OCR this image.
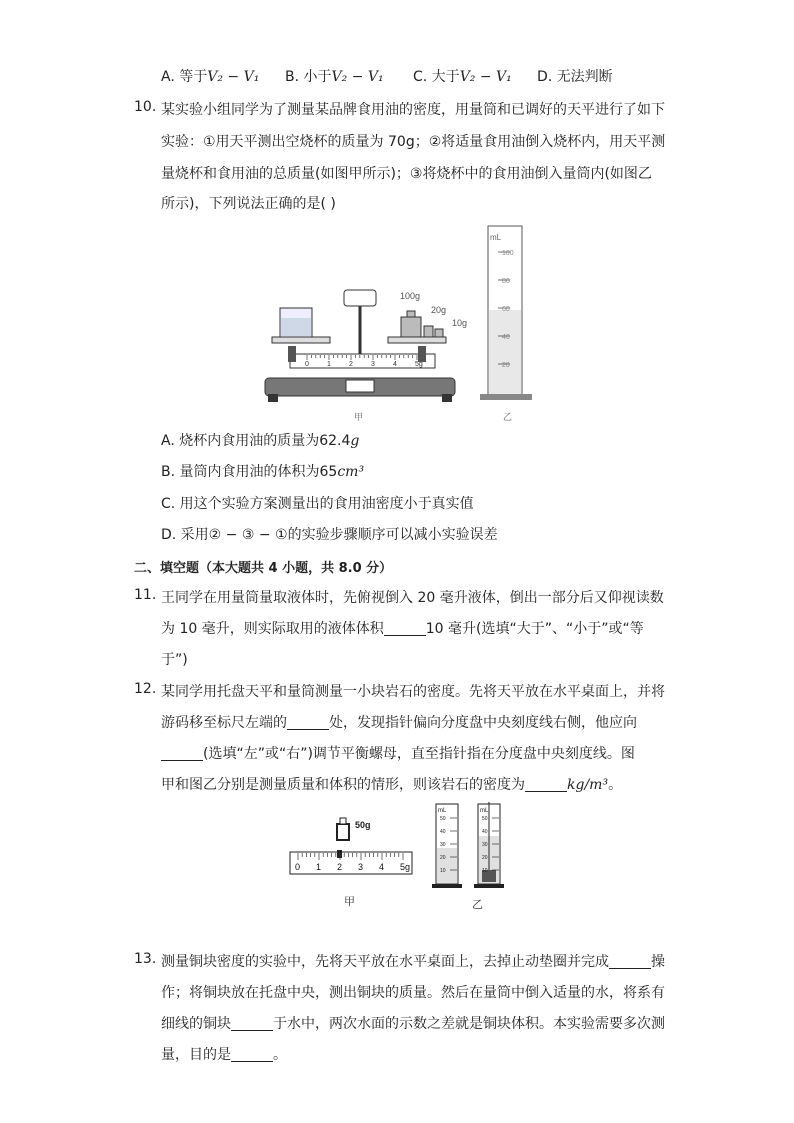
A. 等于V₂ − V₁ B. 小于V₂ − V₁ C. 大于V₂ − V₁ D. 无法判断
10. 某实验小组同学为了测量某品牌食用油的密度，用量筒和已调好的天平进行了如下
实验：①用天平测出空烧杯的质量为 70g；②将适量食用油倒入烧杯内，用天平测
量烧杯和食用油的总质量(如图甲所示)；③将烧杯中的食用油倒入量筒内(如图乙
所示)，下列说法正确的是( )
0	1	2	3	4	5g
100g
20g
10g
甲
mL
100
80
60
40
20
乙
A. 烧杯内食用油的质量为62.4g
B. 量筒内食用油的体积为65cm³
C. 用这个实验方案测量出的食用油密度小于真实值
D. 采用② − ③ − ①的实验步骤顺序可以减小实验误差
二、填空题（本大题共 4 小题，共 8.0 分）
11. 王同学在用量筒量取液体时，先俯视倒入 20 毫升液体，倒出一部分后又仰视读数
为 10 毫升，则实际取用的液体体积	10 毫升(选填“大于”、“小于”或“等
于”)
12. 某同学用托盘天平和量筒测量一小块岩石的密度。先将天平放在水平桌面上，并将
游码移至标尺左端的	处，发现指针偏向分度盘中央刻度线右侧，他应向
(选填“左”或“右”)调节平衡螺母，直至指针指在分度盘中央刻度线。图
甲和图乙分别是测量质量和体积的情形，则该岩石的密度为	kg/m³。
50g
0 1 2 3 4 5g
甲
mL	mL
50	50
40	40
30	30
20	20
10	10
乙
13. 测量铜块密度的实验中，先将天平放在水平桌面上，去掉止动垫圈并完成	操
作；将铜块放在托盘中央，测出铜块的质量。然后在量筒中倒入适量的水，将系有
细线的铜块	于水中，两次水面的示数之差就是铜块体积。本实验需要多次测
量，目的是	。
